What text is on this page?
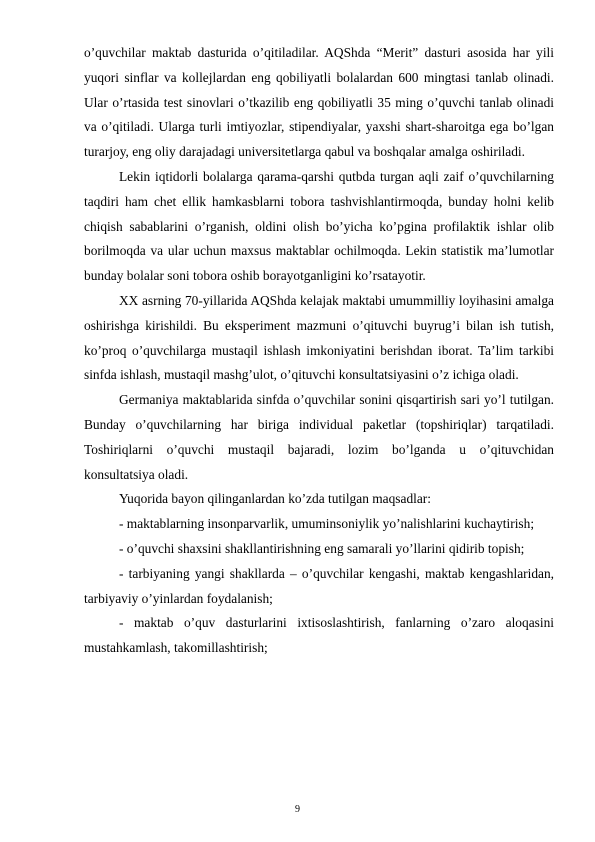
o’quvchilar maktab dasturida o’qitiladilar. AQShda “Merit” dasturi asosida har yili yuqori sinflar va kollejlardan eng qobiliyatli bolalardan 600 mingtasi tanlab olinadi. Ular o’rtasida test sinovlari o’tkazilib eng qobiliyatli 35 ming o’quvchi tanlab olinadi va o’qitiladi. Ularga turli imtiyozlar, stipendiyalar, yaxshi shart-sharoitga ega bo’lgan turarjoy, eng oliy darajadagi universitetlarga qabul va boshqalar amalga oshiriladi.

Lekin iqtidorli bolalarga qarama-qarshi qutbda turgan aqli zaif o’quvchilarning taqdiri ham chet ellik hamkasblarni tobora tashvishlantirmoqda, bunday holni kelib chiqish sabablarini o’rganish, oldini olish bo’yicha ko’pgina profilaktik ishlar olib borilmoqda va ular uchun maxsus maktablar ochilmoqda. Lekin statistik ma’lumotlar bunday bolalar soni tobora oshib borayotganligini ko’rsatayotir.

XX asrning 70-yillarida AQShda kelajak maktabi umummilliy loyihasini amalga oshirishga kirishildi. Bu eksperiment mazmuni o’qituvchi buyrug’i bilan ish tutish, ko’proq o’quvchilarga mustaqil ishlash imkoniyatini berishdan iborat. Ta’lim tarkibi sinfda ishlash, mustaqil mashg’ulot, o’qituvchi konsultatsiyasini o’z ichiga oladi.

Germaniya maktablarida sinfda o’quvchilar sonini qisqartirish sari yo’l tutilgan. Bunday o’quvchilarning har biriga individual paketlar (topshiriqlar) tarqatiladi. Toshiriqlarni o’quvchi mustaqil bajaradi, lozim bo’lganda u o’qituvchidan konsultatsiya oladi.

Yuqorida bayon qilinganlardan ko’zda tutilgan maqsadlar:

- maktablarning insonparvarlik, umuminsoniylik yo’nalishlarini kuchaytirish;

- o’quvchi shaxsini shakllantirishning eng samarali yo’llarini qidirib topish;

- tarbiyaning yangi shakllarda – o’quvchilar kengashi, maktab kengashlaridan, tarbiyaviy o’yinlardan foydalanish;

- maktab o’quv dasturlarini ixtisoslashtirish, fanlarning o’zaro aloqasini mustahkamlash, takomillashtirish;

9
